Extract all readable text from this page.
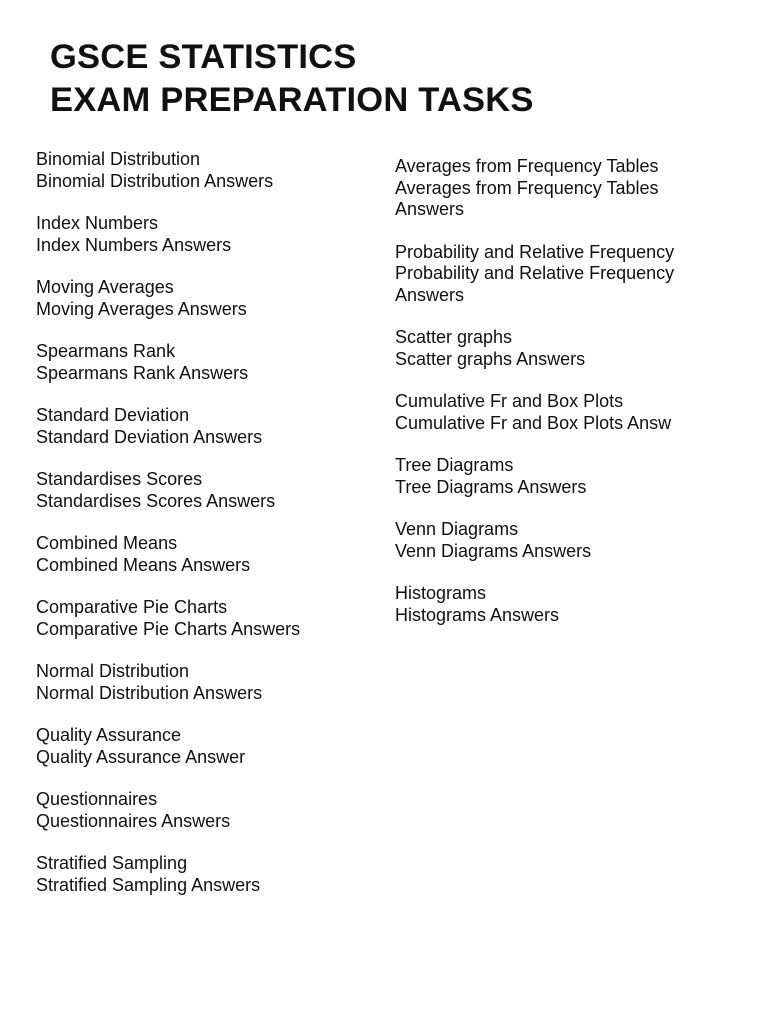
GSCE STATISTICS
EXAM PREPARATION TASKS
Binomial Distribution
Binomial Distribution Answers
Index Numbers
Index Numbers Answers
Moving Averages
Moving Averages Answers
Spearmans Rank
Spearmans Rank Answers
Standard Deviation
Standard Deviation Answers
Standardises Scores
Standardises Scores Answers
Combined Means
Combined Means Answers
Comparative Pie Charts
Comparative Pie Charts Answers
Normal Distribution
Normal Distribution Answers
Quality Assurance
Quality Assurance Answer
Questionnaires
Questionnaires Answers
Stratified Sampling
Stratified Sampling Answers
Averages from Frequency Tables
Averages from Frequency Tables Answers
Probability and Relative Frequency
Probability and Relative Frequency Answers
Scatter graphs
Scatter graphs Answers
Cumulative Fr and Box Plots
Cumulative Fr and Box Plots Answ
Tree Diagrams
Tree Diagrams Answers
Venn Diagrams
Venn Diagrams Answers
Histograms
Histograms Answers
